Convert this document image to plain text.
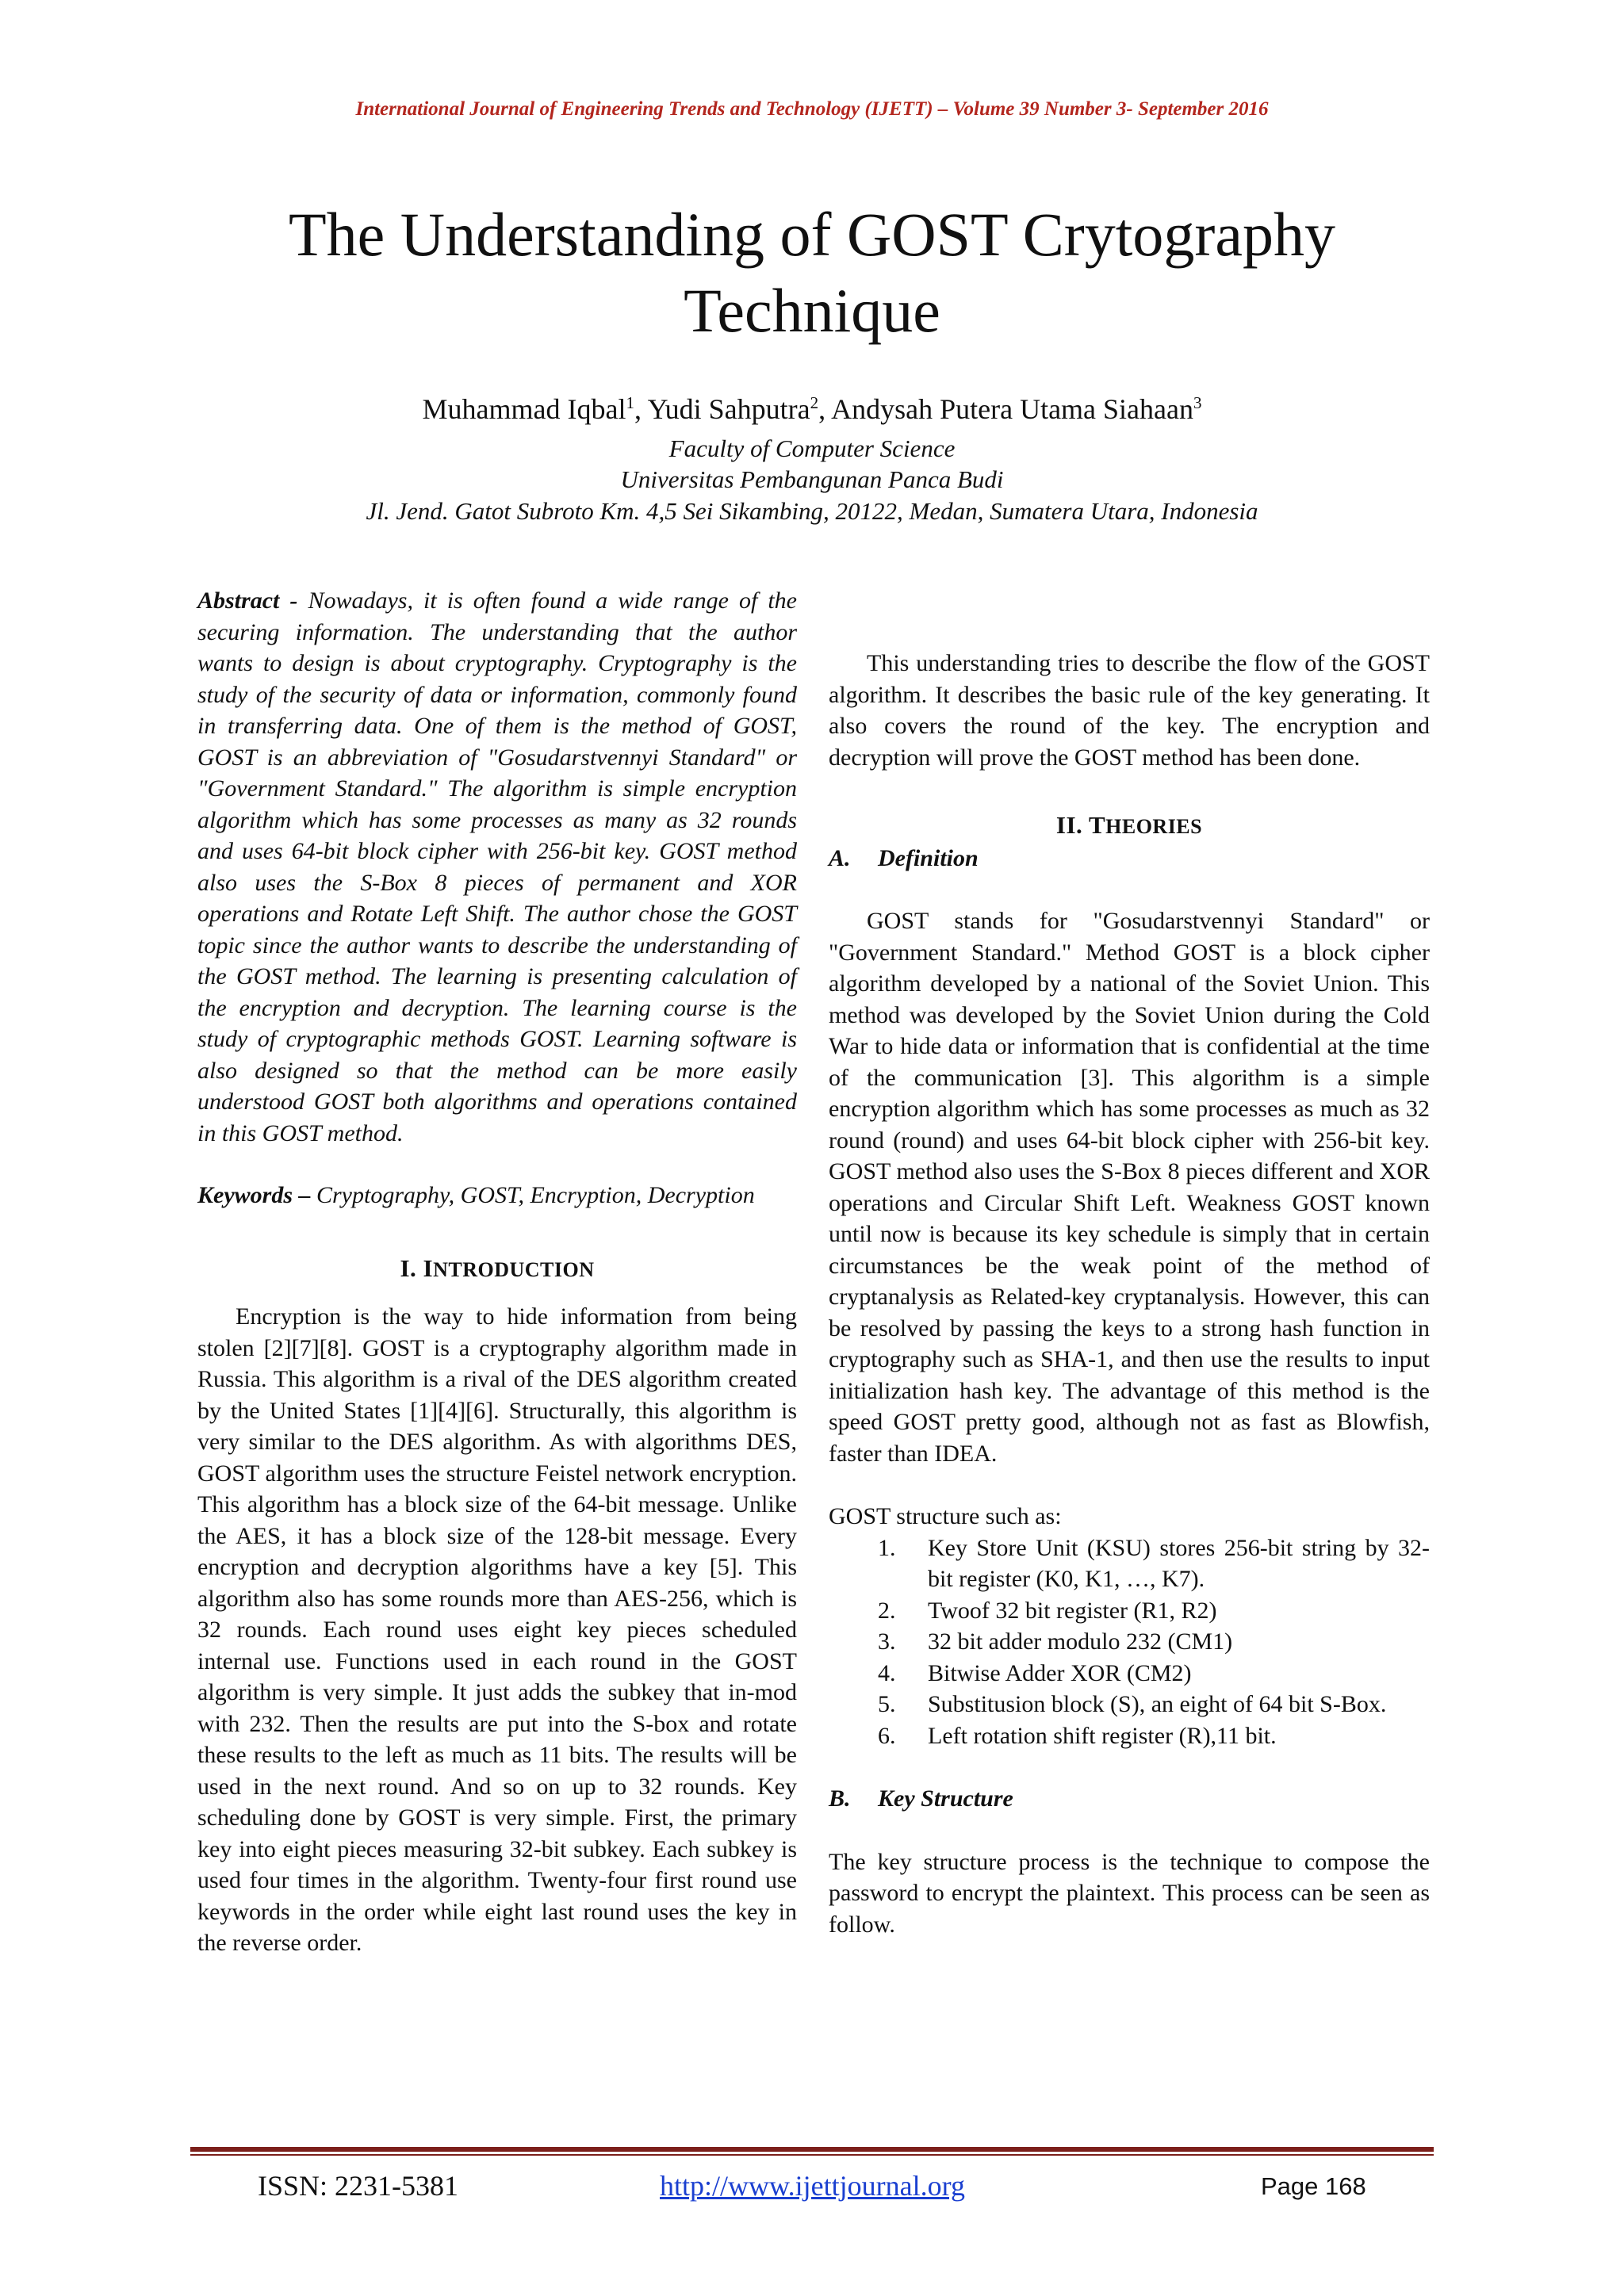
International Journal of Engineering Trends and Technology (IJETT) – Volume 39 Number 3- September 2016
The Understanding of GOST Crytography
Technique
Muhammad Iqbal$^1$, Yudi Sahputra$^2$, Andysah Putera Utama Siahaan$^3$
Faculty of Computer Science
Universitas Pembangunan Panca Budi
Jl. Jend. Gatot Subroto Km. 4,5 Sei Sikambing, 20122, Medan, Sumatera Utara, Indonesia

Abstract - Nowadays, it is often found a wide range of the securing information. The understanding that the author wants to design is about cryptography. Cryptography is the study of the security of data or information, commonly found in transferring data. One of them is the method of GOST, GOST is an abbreviation of "Gosudarstvennyi Standard" or "Government Standard." The algorithm is simple encryption algorithm which has some processes as many as 32 rounds and uses 64-bit block cipher with 256-bit key. GOST method also uses the S-Box 8 pieces of permanent and XOR operations and Rotate Left Shift. The author chose the GOST topic since the author wants to describe the understanding of the GOST method. The learning is presenting calculation of the encryption and decryption. The learning course is the study of cryptographic methods GOST. Learning software is also designed so that the method can be more easily understood GOST both algorithms and operations contained in this GOST method.

Keywords – Cryptography, GOST, Encryption, Decryption

I. INTRODUCTION

Encryption is the way to hide information from being stolen [2][7][8]. GOST is a cryptography algorithm made in Russia. This algorithm is a rival of the DES algorithm created by the United States [1][4][6]. Structurally, this algorithm is very similar to the DES algorithm. As with algorithms DES, GOST algorithm uses the structure Feistel network encryption. This algorithm has a block size of the 64-bit message. Unlike the AES, it has a block size of the 128-bit message. Every encryption and decryption algorithms have a key [5]. This algorithm also has some rounds more than AES-256, which is 32 rounds. Each round uses eight key pieces scheduled internal use. Functions used in each round in the GOST algorithm is very simple. It just adds the subkey that in-mod with 232. Then the results are put into the S-box and rotate these results to the left as much as 11 bits. The results will be used in the next round. And so on up to 32 rounds. Key scheduling done by GOST is very simple. First, the primary key into eight pieces measuring 32-bit subkey. Each subkey is used four times in the algorithm. Twenty-four first round use keywords in the order while eight last round uses the key in the reverse order.

This understanding tries to describe the flow of the GOST algorithm. It describes the basic rule of the key generating. It also covers the round of the key. The encryption and decryption will prove the GOST method has been done.

II. THEORIES

A. Definition

GOST stands for "Gosudarstvennyi Standard" or "Government Standard." Method GOST is a block cipher algorithm developed by a national of the Soviet Union. This method was developed by the Soviet Union during the Cold War to hide data or information that is confidential at the time of the communication [3]. This algorithm is a simple encryption algorithm which has some processes as much as 32 round (round) and uses 64-bit block cipher with 256-bit key. GOST method also uses the S-Box 8 pieces different and XOR operations and Circular Shift Left. Weakness GOST known until now is because its key schedule is simply that in certain circumstances be the weak point of the method of cryptanalysis as Related-key cryptanalysis. However, this can be resolved by passing the keys to a strong hash function in cryptography such as SHA-1, and then use the results to input initialization hash key. The advantage of this method is the speed GOST pretty good, although not as fast as Blowfish, faster than IDEA.

GOST structure such as:

1. Key Store Unit (KSU) stores 256-bit string by 32-bit register (K0, K1, …, K7).
2. Twoof 32 bit register (R1, R2)
3. 32 bit adder modulo 232 (CM1)
4. Bitwise Adder XOR (CM2)
5. Substitusion block (S), an eight of 64 bit S-Box.
6. Left rotation shift register (R),11 bit.

B. Key Structure

The key structure process is the technique to compose the password to encrypt the plaintext. This process can be seen as follow.

ISSN: 2231-5381	http://www.ijettjournal.org	Page 168
